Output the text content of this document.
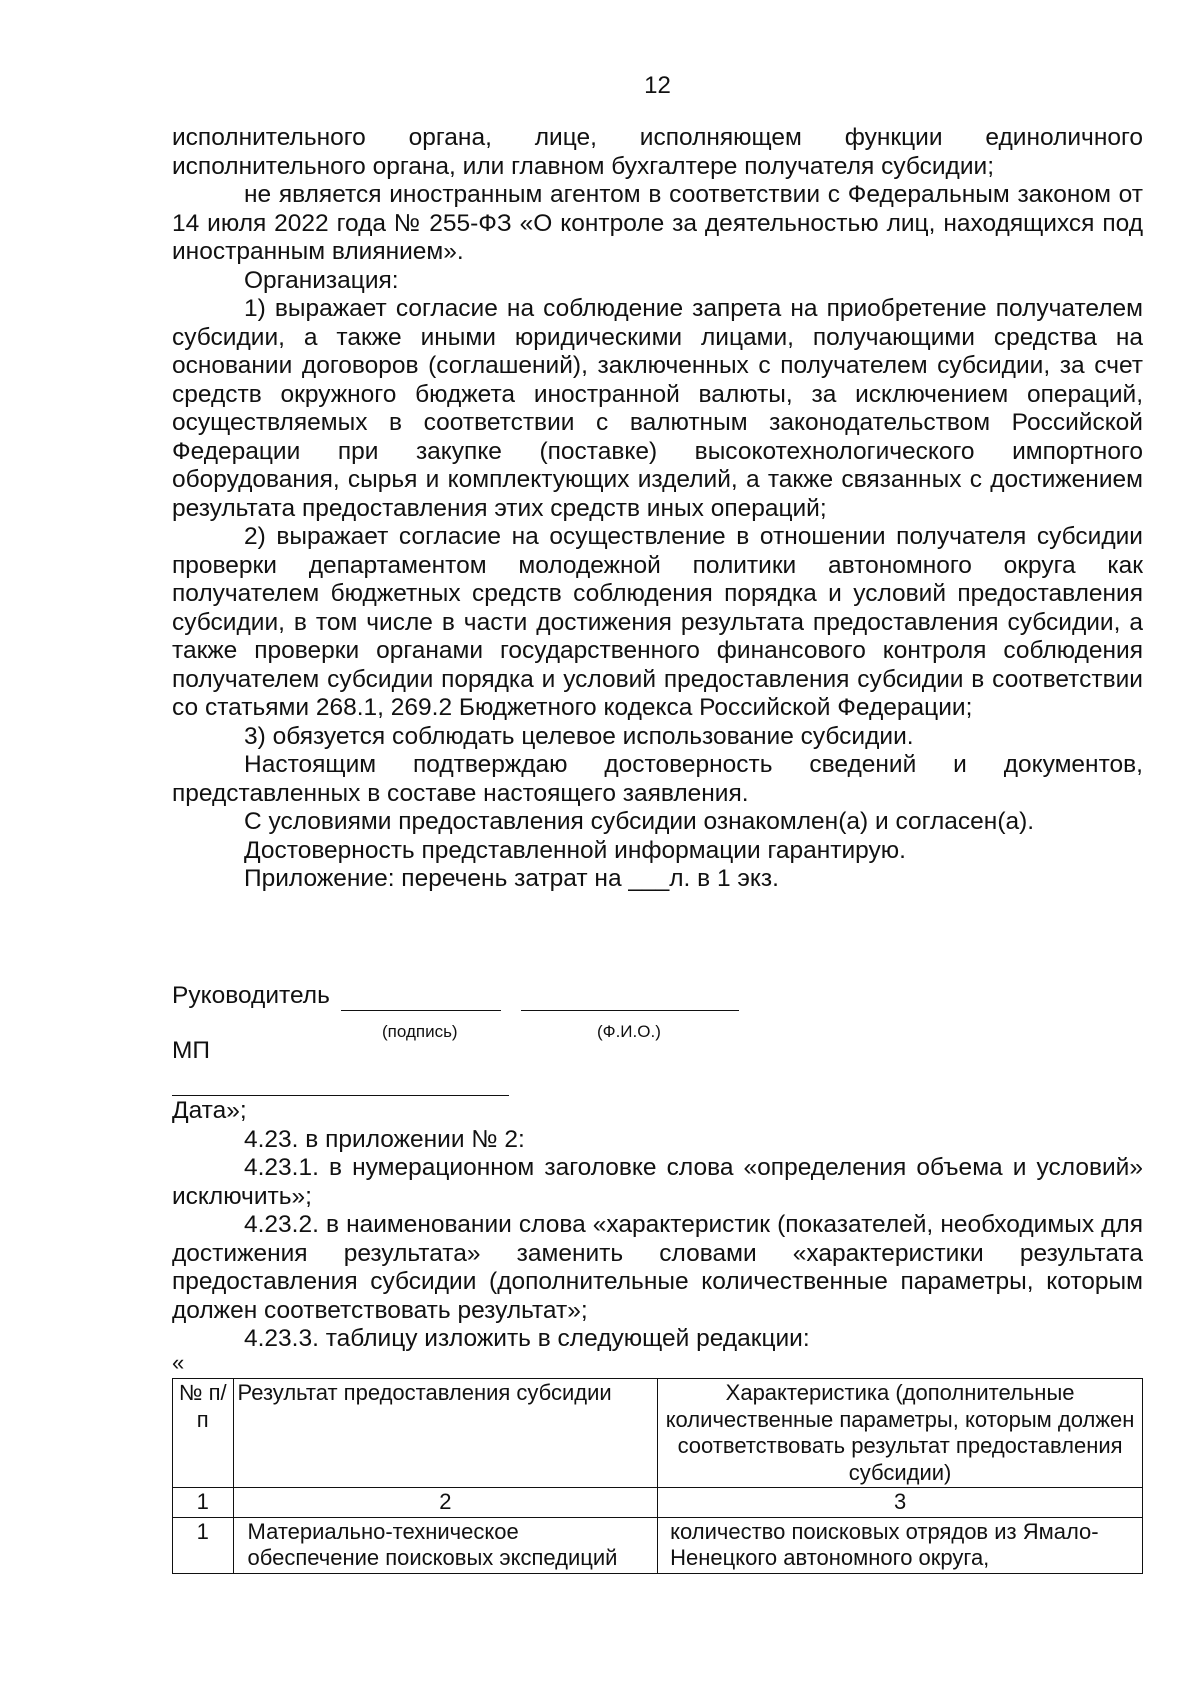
12

исполнительного органа, лице, исполняющем функции единоличного исполнительного органа, или главном бухгалтере получателя субсидии;

не является иностранным агентом в соответствии с Федеральным законом от 14 июля 2022 года № 255-ФЗ «О контроле за деятельностью лиц, находящихся под иностранным влиянием».

Организация:

1) выражает согласие на соблюдение запрета на приобретение получателем субсидии, а также иными юридическими лицами, получающими средства на основании договоров (соглашений), заключенных с получателем субсидии, за счет средств окружного бюджета иностранной валюты, за исключением операций, осуществляемых в соответствии с валютным законодательством Российской Федерации при закупке (поставке) высокотехнологического импортного оборудования, сырья и комплектующих изделий, а также связанных с достижением результата предоставления этих средств иных операций;

2) выражает согласие на осуществление в отношении получателя субсидии проверки департаментом молодежной политики автономного округа как получателем бюджетных средств соблюдения порядка и условий предоставления субсидии, в том числе в части достижения результата предоставления субсидии, а также проверки органами государственного финансового контроля соблюдения получателем субсидии порядка и условий предоставления субсидии в соответствии со статьями 268.1, 269.2 Бюджетного кодекса Российской Федерации;

3) обязуется соблюдать целевое использование субсидии.

Настоящим подтверждаю достоверность сведений и документов, представленных в составе настоящего заявления.

С условиями предоставления субсидии ознакомлен(а) и согласен(а).

Достоверность представленной информации гарантирую.

Приложение: перечень затрат на ___л. в 1 экз.

Руководитель
(подпись)	(Ф.И.О.)
МП

Дата»;

4.23. в приложении № 2:

4.23.1. в нумерационном заголовке слова «определения объема и условий» исключить»;

4.23.2. в наименовании слова «характеристик (показателей, необходимых для достижения результата» заменить словами «характеристики результата предоставления субсидии (дополнительные количественные параметры, которым должен соответствовать результат»;

4.23.3. таблицу изложить в следующей редакции:

«
№ п/п	Результат предоставления субсидии	Характеристика (дополнительные количественные параметры, которым должен соответствовать результат предоставления субсидии)
1	2	3
1	Материально-техническое обеспечение поисковых экспедиций	количество поисковых отрядов из Ямало-Ненецкого автономного округа,
